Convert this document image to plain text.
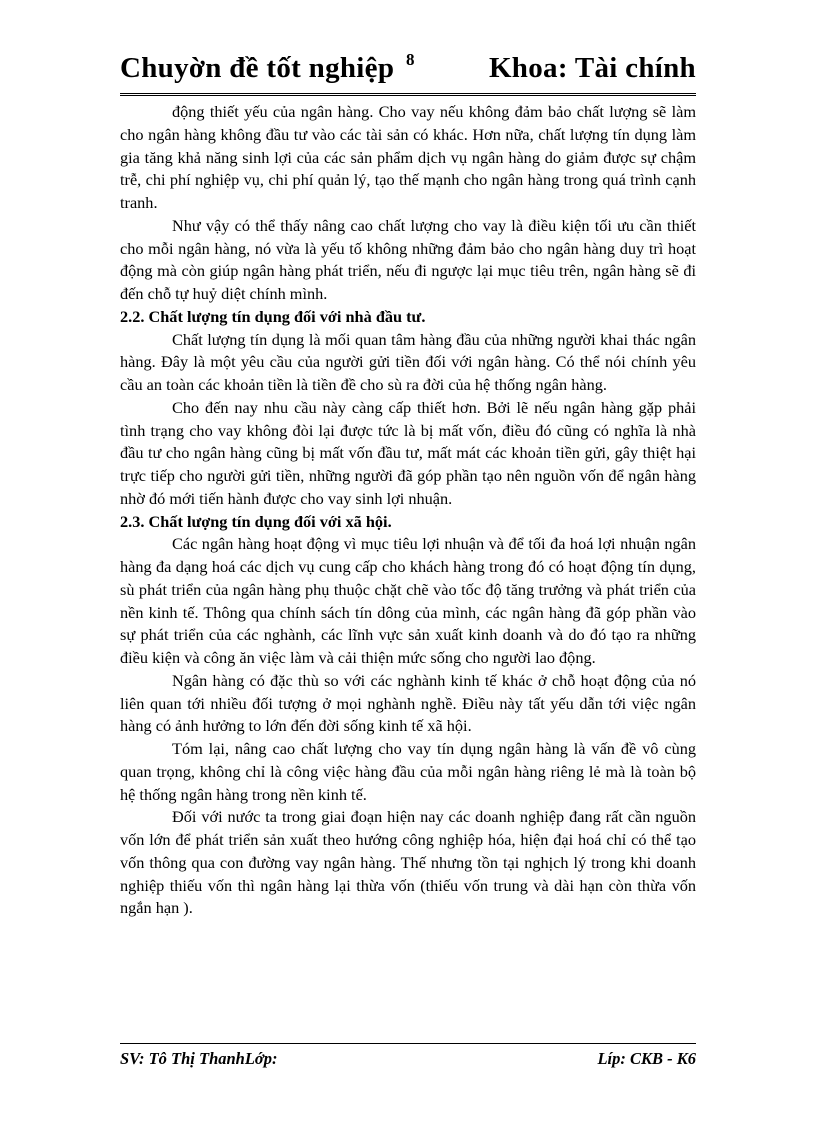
Chuyờn đề tốt nghiệp 8	Khoa: Tài chính

động thiết yếu của ngân hàng. Cho vay nếu không đảm bảo chất lượng sẽ làm cho ngân hàng không đầu tư vào các tài sản có khác. Hơn nữa, chất lượng tín dụng làm gia tăng khả năng sinh lợi của các sản phẩm dịch vụ ngân hàng do giảm được sự chậm trễ, chi phí nghiệp vụ, chi phí quản lý, tạo thế mạnh cho ngân hàng trong quá trình cạnh tranh.

Như vậy có thể thấy nâng cao chất lượng cho vay là điều kiện tối ưu cần thiết cho mỗi ngân hàng, nó vừa là yếu tố không những đảm bảo cho ngân hàng duy trì hoạt động mà còn giúp ngân hàng phát triển, nếu đi ngược lại mục tiêu trên, ngân hàng sẽ đi đến chỗ tự huỷ diệt chính mình.

2.2. Chất lượng tín dụng đối với nhà đầu tư.

Chất lượng tín dụng là mối quan tâm hàng đầu của những người khai thác ngân hàng. Đây là một yêu cầu của người gửi tiền đối với ngân hàng. Có thể nói chính yêu cầu an toàn các khoản tiền là tiền đề cho sù ra đời của hệ thống ngân hàng.

Cho đến nay nhu cầu này càng cấp thiết hơn. Bởi lẽ nếu ngân hàng gặp phải tình trạng cho vay không đòi lại được tức là bị mất vốn, điều đó cũng có nghĩa là nhà đầu tư cho ngân hàng cũng bị mất vốn đầu tư, mất mát các khoản tiền gửi, gây thiệt hại trực tiếp cho người gửi tiền, những người đã góp phần tạo nên nguồn vốn để ngân hàng nhờ đó mới tiến hành được cho vay sinh lợi nhuận.

2.3. Chất lượng tín dụng đối với xã hội.

Các ngân hàng hoạt động vì mục tiêu lợi nhuận và để tối đa hoá lợi nhuận ngân hàng đa dạng hoá các dịch vụ cung cấp cho khách hàng trong đó có hoạt động tín dụng, sù phát triển của ngân hàng phụ thuộc chặt chẽ vào tốc độ tăng trưởng và phát triển của nền kinh tế. Thông qua chính sách tín dông của mình, các ngân hàng đã góp phần vào sự phát triển của các nghành, các lĩnh vực sản xuất kinh doanh và do đó tạo ra những điều kiện và công ăn việc làm và cải thiện mức sống cho người lao động.

Ngân hàng có đặc thù so với các nghành kinh tế khác ở chỗ hoạt động của nó liên quan tới nhiều đối tượng ở mọi nghành nghề. Điều này tất yếu dẫn tới việc ngân hàng có ảnh hưởng to lớn đến đời sống kinh tế xã hội.

Tóm lại, nâng cao chất lượng cho vay tín dụng ngân hàng là vấn đề vô cùng quan trọng, không chỉ là công việc hàng đầu của mỗi ngân hàng riêng lẻ mà là toàn bộ hệ thống ngân hàng trong nền kinh tế.

Đối với nước ta trong giai đoạn hiện nay các doanh nghiệp đang rất cần nguồn vốn lớn để phát triển sản xuất theo hướng công nghiệp hóa, hiện đại hoá chỉ có thể tạo vốn thông qua con đường vay ngân hàng. Thế nhưng tồn tại nghịch lý trong khi doanh nghiệp thiếu vốn thì ngân hàng lại thừa vốn (thiếu vốn trung và dài hạn còn thừa vốn ngắn hạn ).

SV: Tô Thị ThanhLớp:	Líp: CKB - K6
